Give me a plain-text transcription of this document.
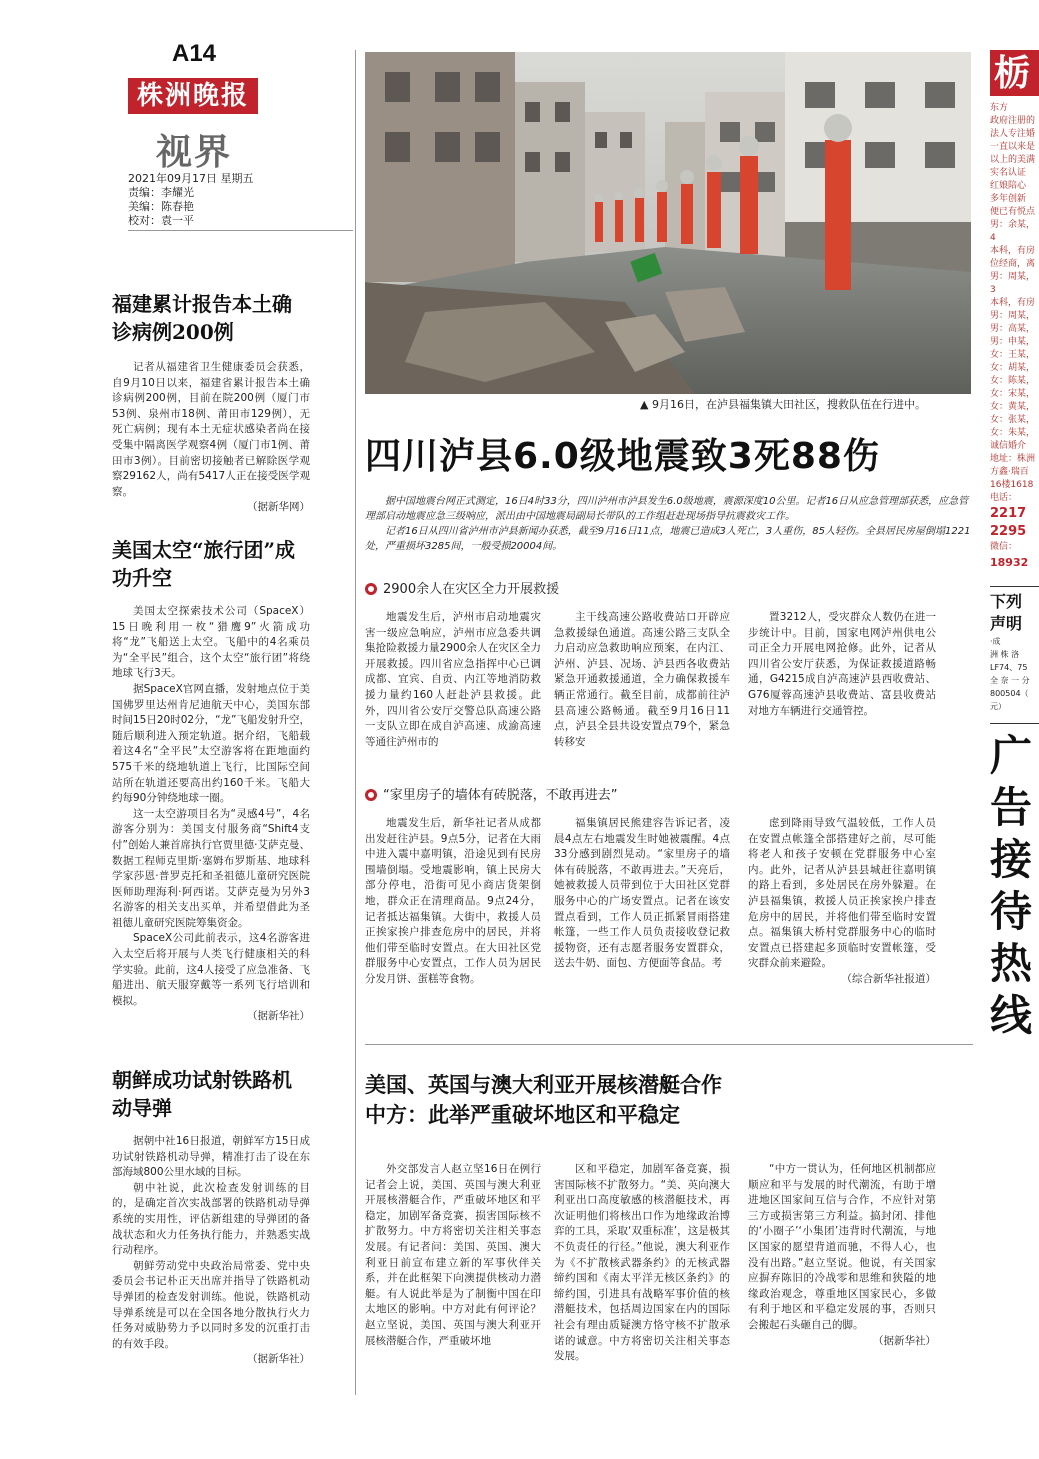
A14
株洲晚报
视界
2021年09月17日 星期五
责编：李耀光
美编：陈春艳
校对：袁一平
福建累计报告本土确诊病例200例

记者从福建省卫生健康委员会获悉，自9月10日以来，福建省累计报告本土确诊病例200例，目前在院200例（厦门市53例、泉州市18例、莆田市129例），无死亡病例；现有本土无症状感染者尚在接受集中隔离医学观察4例（厦门市1例、莆田市3例）。目前密切接触者已解除医学观察29162人，尚有5417人正在接受医学观察。

（据新华网）

美国太空“旅行团”成功升空

美国太空探索技术公司（SpaceX）15日晚利用一枚“猎鹰9”火箭成功将“龙”飞船送上太空。飞船中的4名乘员为“全平民”组合，这个太空“旅行团”将绕地球飞行3天。

据SpaceX官网直播，发射地点位于美国佛罗里达州肯尼迪航天中心，美国东部时间15日20时02分，“龙”飞船发射升空，随后顺利进入预定轨道。据介绍，飞船载着这4名“全平民”太空游客将在距地面约575千米的绕地轨道上飞行，比国际空间站所在轨道还要高出约160千米。飞船大约每90分钟绕地球一圈。

这一太空游项目名为“灵感4号”，4名游客分别为：美国支付服务商“Shift4支付”创始人兼首席执行官贾里德·艾萨克曼、数据工程师克里斯·塞姆布罗斯基、地球科学家莎恩·普罗克托和圣祖德儿童研究医院医师助理海利·阿西诺。艾萨克曼为另外3名游客的相关支出买单，并希望借此为圣祖德儿童研究医院筹集资金。

SpaceX公司此前表示，这4名游客进入太空后将开展与人类飞行健康相关的科学实验。此前，这4人接受了应急准备、飞船进出、航天服穿戴等一系列飞行培训和模拟。

（据新华社）

朝鲜成功试射铁路机动导弹

据朝中社16日报道，朝鲜军方15日成功试射铁路机动导弹，精准打击了设在东部海域800公里水域的目标。

朝中社说，此次检查发射训练的目的，是确定首次实战部署的铁路机动导弹系统的实用性，评估新组建的导弹团的备战状态和火力任务执行能力，并熟悉实战行动程序。

朝鲜劳动党中央政治局常委、党中央委员会书记朴正天出席并指导了铁路机动导弹团的检查发射训练。他说，铁路机动导弹系统是可以在全国各地分散执行火力任务对威胁势力予以同时多发的沉重打击的有效手段。

（据新华社）

▲ 9月16日，在泸县福集镇大田社区，搜救队伍在行进中。
四川泸县6.0级地震致3死88伤

据中国地震台网正式测定，16日4时33分，四川泸州市泸县发生6.0级地震，震源深度10公里。记者16日从应急管理部获悉，应急管理部启动地震应急三级响应，派出由中国地震局副局长带队的工作组赶赴现场指导抗震救灾工作。

记者16日从四川省泸州市泸县新闻办获悉，截至9月16日11点，地震已造成3人死亡，3人重伤，85人轻伤。全县居民房屋倒塌1221处，严重损坏3285间，一般受损20004间。

2900余人在灾区全力开展救援
地震发生后，泸州市启动地震灾害一级应急响应，泸州市应急委共调集抢险救援力量2900余人在灾区全力开展救援。四川省应急指挥中心已调成都、宜宾、自贡、内江等地消防救援力量约160人赶赴泸县救援。此外，四川省公安厅交警总队高速公路一支队立即在成自泸高速、成渝高速等通往泸州市的
主干线高速公路收费站口开辟应急救援绿色通道。高速公路三支队全力启动应急救助响应预案，在内江、泸州、泸县、况场、泸县西各收费站紧急开通救援通道，全力确保救援车辆正常通行。截至目前，成都前往泸县高速公路畅通。截至9月16日11点，泸县全县共设安置点79个，紧急转移安
置3212人，受灾群众人数仍在进一步统计中。目前，国家电网泸州供电公司正全力开展电网抢修。此外，记者从四川省公安厅获悉，为保证救援道路畅通，G4215成自泸高速泸县西收费站、G76厦蓉高速泸县收费站、富县收费站对地方车辆进行交通管控。
“家里房子的墙体有砖脱落，不敢再进去”
地震发生后，新华社记者从成都出发赶往泸县。9点5分，记者在大雨中进入震中嘉明镇，沿途见到有民房围墙倒塌。受地震影响，镇上民房大部分停电，沿街可见小商店货架倒地，群众正在清理商品。9点24分，记者抵达福集镇。大街中，救援人员正挨家挨户排查危房中的居民，并将他们带至临时安置点。在大田社区党群服务中心安置点，工作人员为居民分发月饼、蛋糕等食物。
福集镇居民熊建容告诉记者，凌晨4点左右地震发生时她被震醒。4点33分感到剧烈晃动。“家里房子的墙体有砖脱落，不敢再进去。”天亮后，她被救援人员带到位于大田社区党群服务中心的广场安置点。记者在该安置点看到，工作人员正抓紧冒雨搭建帐篷，一些工作人员负责接收登记救援物资，还有志愿者服务安置群众，送去牛奶、面包、方便面等食品。考
虑到降雨导致气温较低，工作人员在安置点帐篷全部搭建好之前，尽可能将老人和孩子安顿在党群服务中心室内。此外，记者从泸县县城赶往嘉明镇的路上看到，多处居民在房外躲避。在泸县福集镇，救援人员正挨家挨户排查危房中的居民，并将他们带至临时安置点。福集镇大桥村党群服务中心的临时安置点已搭建起多顶临时安置帐篷，受灾群众前来避险。
（综合新华社报道）
美国、英国与澳大利亚开展核潜艇合作
中方：此举严重破坏地区和平稳定
外交部发言人赵立坚16日在例行记者会上说，美国、英国与澳大利亚开展核潜艇合作，严重破坏地区和平稳定，加剧军备竞赛，损害国际核不扩散努力。中方将密切关注相关事态发展。有记者问：美国、英国、澳大利亚日前宣布建立新的军事伙伴关系，并在此框架下向澳提供核动力潜艇。有人说此举是为了制衡中国在印太地区的影响。中方对此有何评论？赵立坚说，美国、英国与澳大利亚开展核潜艇合作，严重破坏地
区和平稳定，加剧军备竞赛，损害国际核不扩散努力。“美、英向澳大利亚出口高度敏感的核潜艇技术，再次证明他们将核出口作为地缘政治博弈的工具，采取‘双重标准’，这是极其不负责任的行径。”他说，澳大利亚作为《不扩散核武器条约》的无核武器缔约国和《南太平洋无核区条约》的缔约国，引进具有战略军事价值的核潜艇技术，包括周边国家在内的国际社会有理由质疑澳方恪守核不扩散承诺的诚意。中方将密切关注相关事态发展。
“中方一贯认为，任何地区机制都应顺应和平与发展的时代潮流，有助于增进地区国家间互信与合作，不应针对第三方或损害第三方利益。搞封闭、排他的‘小圈子’‘小集团’违背时代潮流，与地区国家的愿望背道而驰，不得人心，也没有出路。”赵立坚说。他说，有关国家应摒弃陈旧的冷战零和思维和狭隘的地缘政治观念，尊重地区国家民心，多做有利于地区和平稳定发展的事，否则只会搬起石头砸自己的脚。
（据新华社）
栃
东方
政府注册的
法人专注婚
一直以来是
以上的美满
实名认证
红娘陪心
多年创新
便已有悦点
男：余某，4
本科，有房
位经商，离
男：周某，3
本科，有房
男：周某，
男：高某，
男：申某，
女：王某，
女：胡某，
女：陈某，
女：宋某，
女：黄某，
女：张某，
女：朱某，
诚信婚介
地址：株洲
方鑫·瑞百
16楼1618
电话：
2217
2295
微信：
18932
下列
声明
·成
洲 株 洛
LF74、75
全 奈 一 分
800504（
元）
广
告
接
待
热
线
